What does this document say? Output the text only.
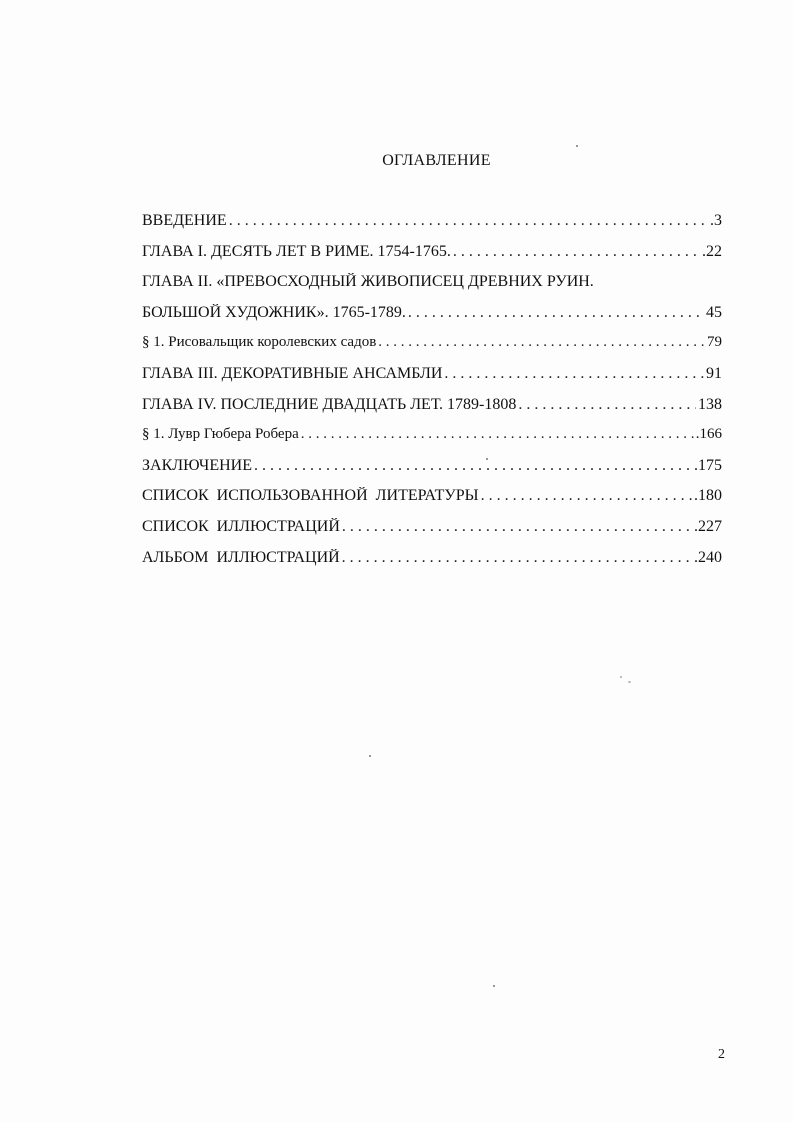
ОГЛАВЛЕНИЕ
ВВЕДЕНИЕ . . .	.3
ГЛАВА I. ДЕСЯТЬ ЛЕТ В РИМЕ. 1754-1765. . . .	.22
ГЛАВА II. «ПРЕВОСХОДНЫЙ ЖИВОПИСЕЦ ДРЕВНИХ РУИН.
БОЛЬШОЙ ХУДОЖНИК». 1765-1789. . . .	45
§ 1. Рисовальщик королевских садов . . .	79
ГЛАВА III. ДЕКОРАТИВНЫЕ АНСАМБЛИ . . .	91
ГЛАВА IV. ПОСЛЕДНИЕ ДВАДЦАТЬ ЛЕТ. 1789-1808 . . .	138
§ 1. Лувр Гюбера Робера . . .	.166
ЗАКЛЮЧЕНИЕ . . .	.175
СПИСОК  ИСПОЛЬЗОВАННОЙ  ЛИТЕРАТУРЫ . . .	.180
СПИСОК  ИЛЛЮСТРАЦИЙ . . .	.227
АЛЬБОМ  ИЛЛЮСТРАЦИЙ . . .	.240
2
